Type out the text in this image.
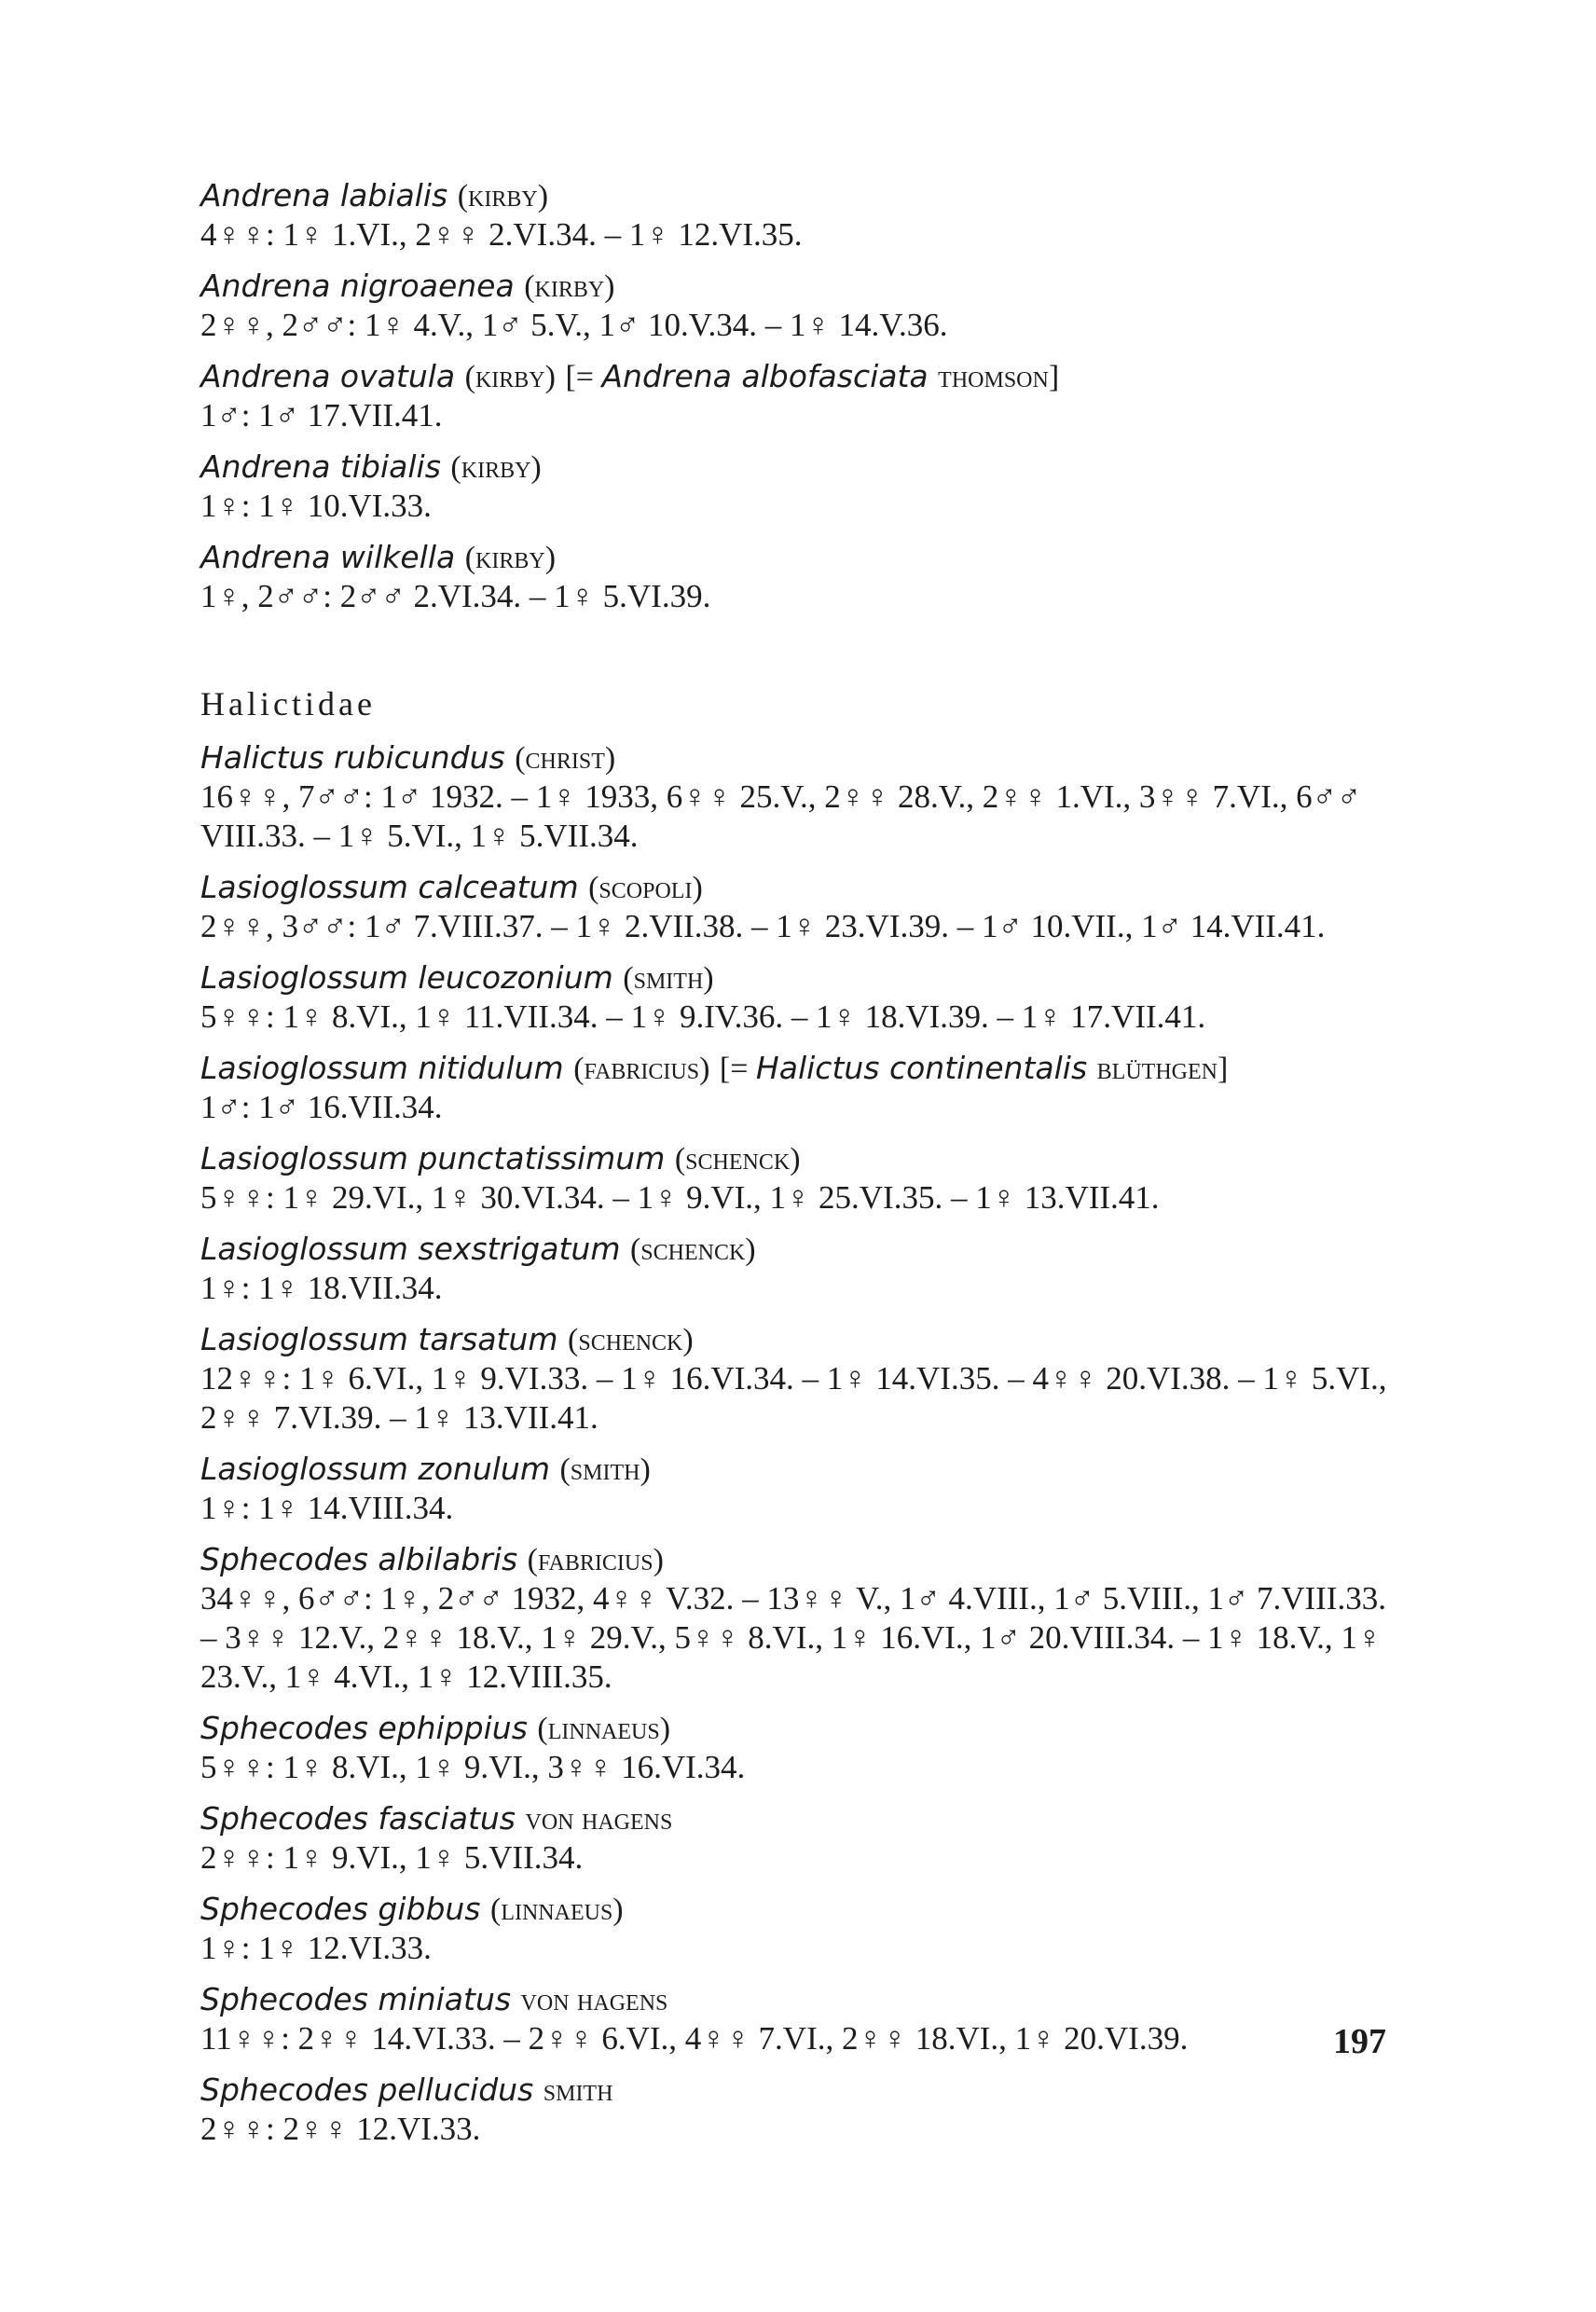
Andrena labialis (kirby)
4♀♀: 1♀ 1.VI., 2♀♀ 2.VI.34. – 1♀ 12.VI.35.
Andrena nigroaenea (kirby)
2♀♀, 2♂♂: 1♀ 4.V., 1♂ 5.V., 1♂ 10.V.34. – 1♀ 14.V.36.
Andrena ovatula (kirby) [= Andrena albofasciata thomson]
1♂: 1♂ 17.VII.41.
Andrena tibialis (kirby)
1♀: 1♀ 10.VI.33.
Andrena wilkella (kirby)
1♀, 2♂♂: 2♂♂ 2.VI.34. – 1♀ 5.VI.39.
Halictidae
Halictus rubicundus (christ)
16♀♀, 7♂♂: 1♂ 1932. – 1♀ 1933, 6♀♀ 25.V., 2♀♀ 28.V., 2♀♀ 1.VI., 3♀♀ 7.VI., 6♂♂ VIII.33. – 1♀ 5.VI., 1♀ 5.VII.34.
Lasioglossum calceatum (scopoli)
2♀♀, 3♂♂: 1♂ 7.VIII.37. – 1♀ 2.VII.38. – 1♀ 23.VI.39. – 1♂ 10.VII., 1♂ 14.VII.41.
Lasioglossum leucozonium (smith)
5♀♀: 1♀ 8.VI., 1♀ 11.VII.34. – 1♀ 9.IV.36. – 1♀ 18.VI.39. – 1♀ 17.VII.41.
Lasioglossum nitidulum (fabricius) [= Halictus continentalis blüthgen]
1♂: 1♂ 16.VII.34.
Lasioglossum punctatissimum (schenck)
5♀♀: 1♀ 29.VI., 1♀ 30.VI.34. – 1♀ 9.VI., 1♀ 25.VI.35. – 1♀ 13.VII.41.
Lasioglossum sexstrigatum (schenck)
1♀: 1♀ 18.VII.34.
Lasioglossum tarsatum (schenck)
12♀♀: 1♀ 6.VI., 1♀ 9.VI.33. – 1♀ 16.VI.34. – 1♀ 14.VI.35. – 4♀♀ 20.VI.38. – 1♀ 5.VI., 2♀♀ 7.VI.39. – 1♀ 13.VII.41.
Lasioglossum zonulum (smith)
1♀: 1♀ 14.VIII.34.
Sphecodes albilabris (fabricius)
34♀♀, 6♂♂: 1♀, 2♂♂ 1932, 4♀♀ V.32. – 13♀♀ V., 1♂ 4.VIII., 1♂ 5.VIII., 1♂ 7.VIII.33. – 3♀♀ 12.V., 2♀♀ 18.V., 1♀ 29.V., 5♀♀ 8.VI., 1♀ 16.VI., 1♂ 20.VIII.34. – 1♀ 18.V., 1♀ 23.V., 1♀ 4.VI., 1♀ 12.VIII.35.
Sphecodes ephippius (linnaeus)
5♀♀: 1♀ 8.VI., 1♀ 9.VI., 3♀♀ 16.VI.34.
Sphecodes fasciatus von hagens
2♀♀: 1♀ 9.VI., 1♀ 5.VII.34.
Sphecodes gibbus (linnaeus)
1♀: 1♀ 12.VI.33.
Sphecodes miniatus von hagens
11♀♀: 2♀♀ 14.VI.33. – 2♀♀ 6.VI., 4♀♀ 7.VI., 2♀♀ 18.VI., 1♀ 20.VI.39.
Sphecodes pellucidus smith
2♀♀: 2♀♀ 12.VI.33.
197
